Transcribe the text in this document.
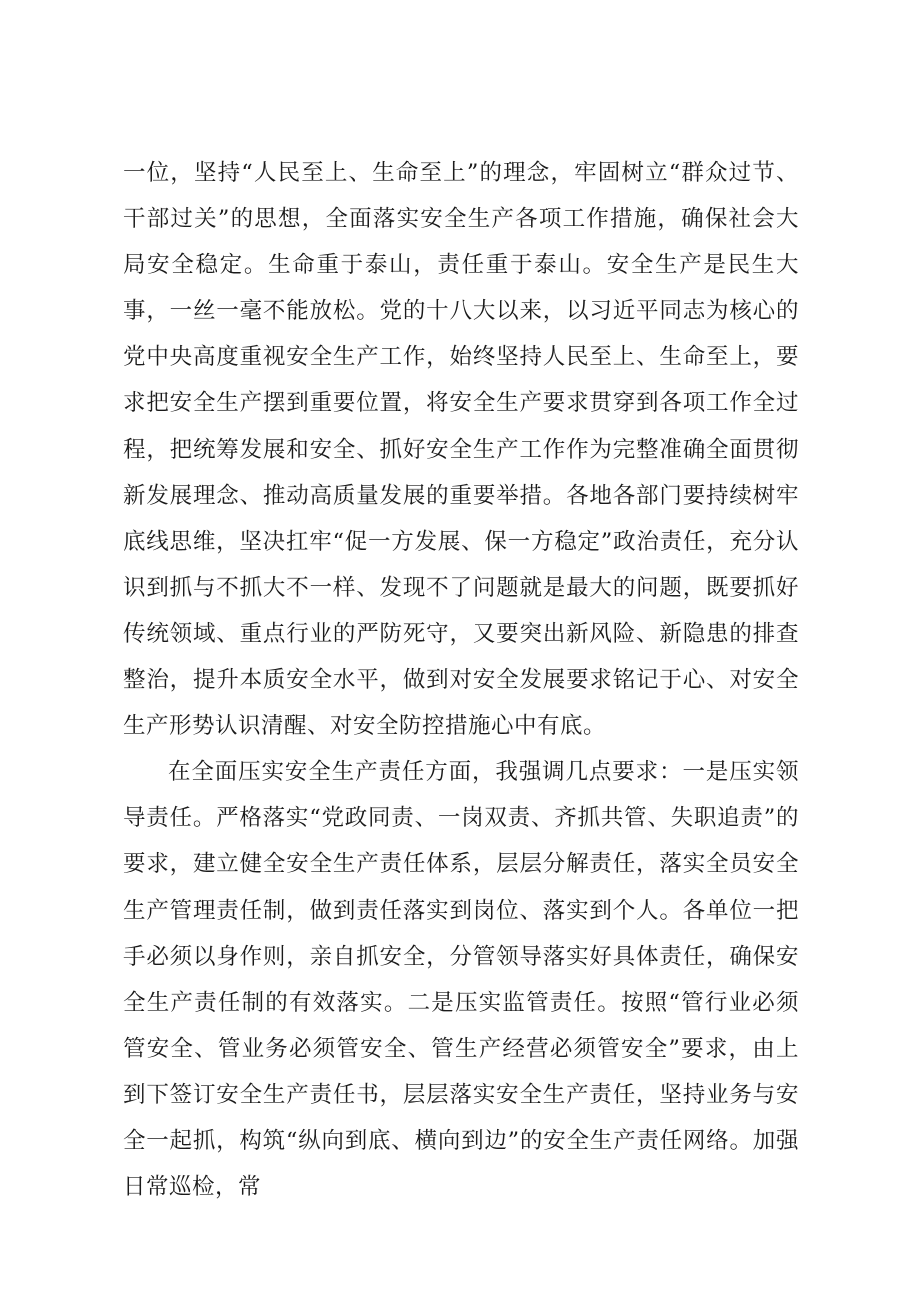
一位，坚持“人民至上、生命至上”的理念，牢固树立“群众过节、干部过关”的思想，全面落实安全生产各项工作措施，确保社会大局安全稳定。生命重于泰山，责任重于泰山。安全生产是民生大事，一丝一毫不能放松。党的十八大以来，以习近平同志为核心的党中央高度重视安全生产工作，始终坚持人民至上、生命至上，要求把安全生产摆到重要位置，将安全生产要求贯穿到各项工作全过程，把统筹发展和安全、抓好安全生产工作作为完整准确全面贯彻新发展理念、推动高质量发展的重要举措。各地各部门要持续树牢底线思维，坚决扛牢“促一方发展、保一方稳定”政治责任，充分认识到抓与不抓大不一样、发现不了问题就是最大的问题，既要抓好传统领域、重点行业的严防死守，又要突出新风险、新隐患的排查整治，提升本质安全水平，做到对安全发展要求铭记于心、对安全生产形势认识清醒、对安全防控措施心中有底。

在全面压实安全生产责任方面，我强调几点要求：一是压实领导责任。严格落实“党政同责、一岗双责、齐抓共管、失职追责”的要求，建立健全安全生产责任体系，层层分解责任，落实全员安全生产管理责任制，做到责任落实到岗位、落实到个人。各单位一把手必须以身作则，亲自抓安全，分管领导落实好具体责任，确保安全生产责任制的有效落实。二是压实监管责任。按照“管行业必须管安全、管业务必须管安全、管生产经营必须管安全”要求，由上到下签订安全生产责任书，层层落实安全生产责任，坚持业务与安全一起抓，构筑“纵向到底、横向到边”的安全生产责任网络。加强日常巡检，常
